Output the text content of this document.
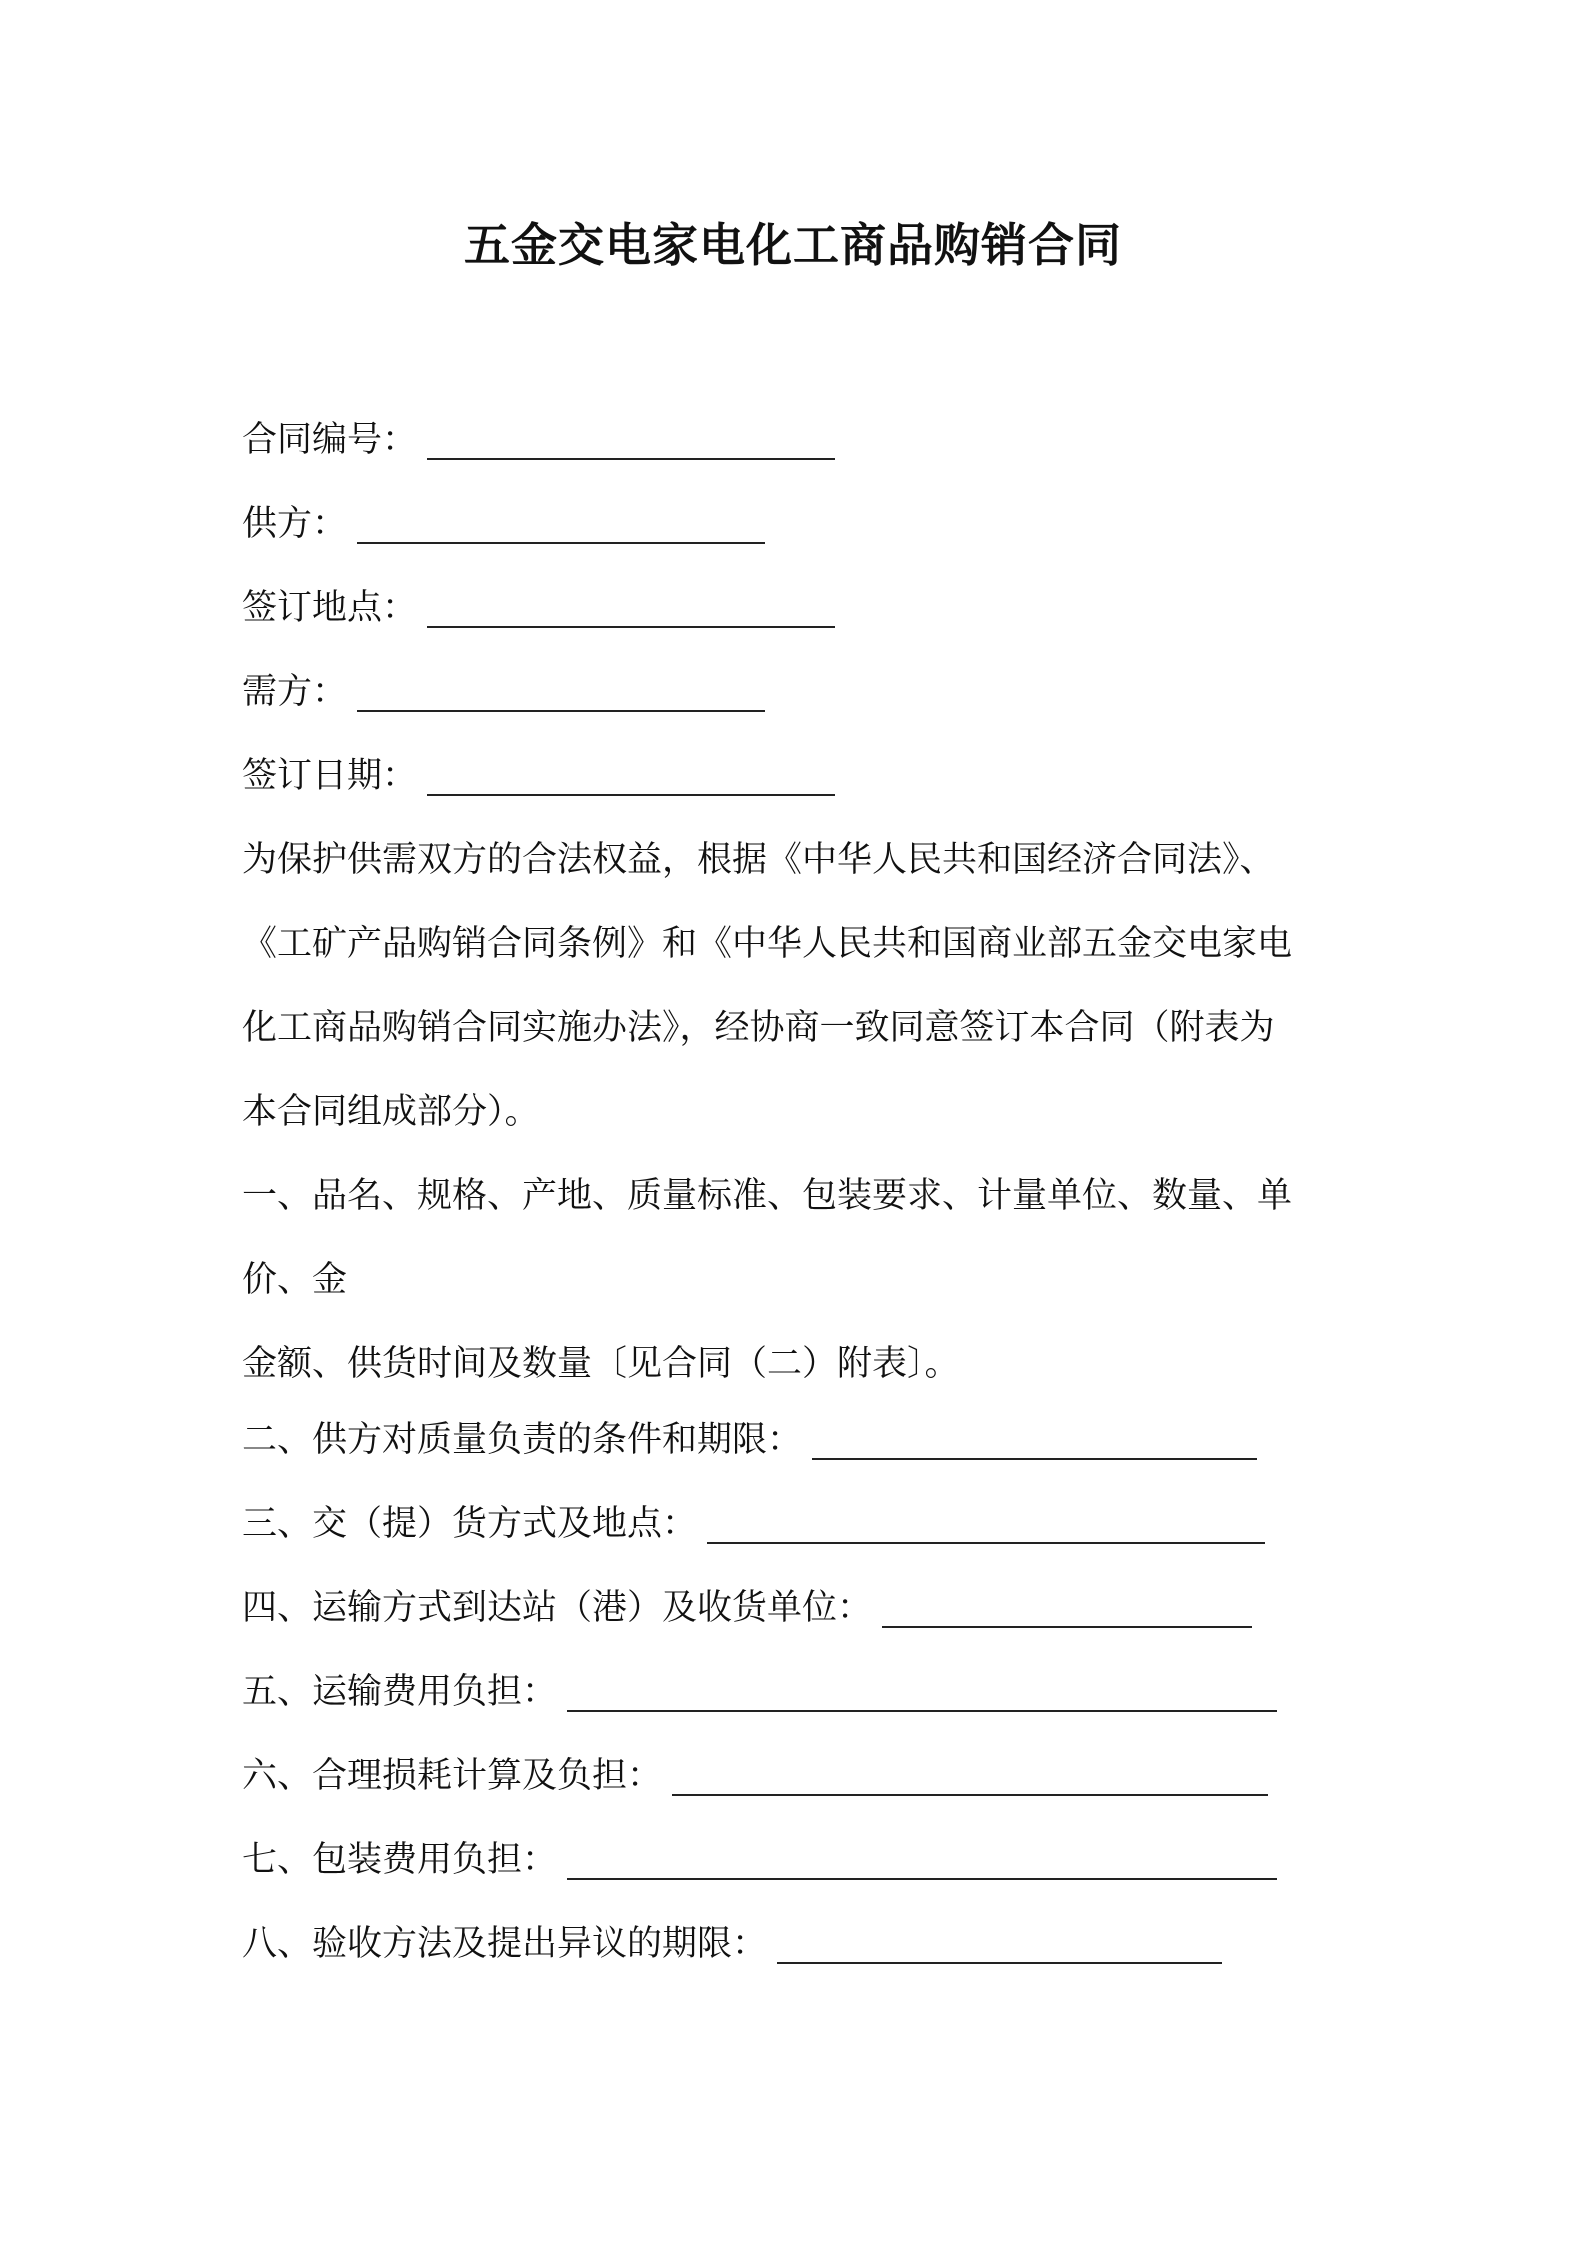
五金交电家电化工商品购销合同
合同编号：
供方：
签订地点：
需方：
签订日期：
为保护供需双方的合法权益，根据《中华人民共和国经济合同法》、
《工矿产品购销合同条例》和《中华人民共和国商业部五金交电家电
化工商品购销合同实施办法》，经协商一致同意签订本合同（附表为
本合同组成部分）。
一、品名、规格、产地、质量标准、包装要求、计量单位、数量、单
价、金
金额、供货时间及数量〔见合同（二）附表〕。
二、供方对质量负责的条件和期限：
三、交（提）货方式及地点：
四、运输方式到达站（港）及收货单位：
五、运输费用负担：
六、合理损耗计算及负担：
七、包装费用负担：
八、验收方法及提出异议的期限：
